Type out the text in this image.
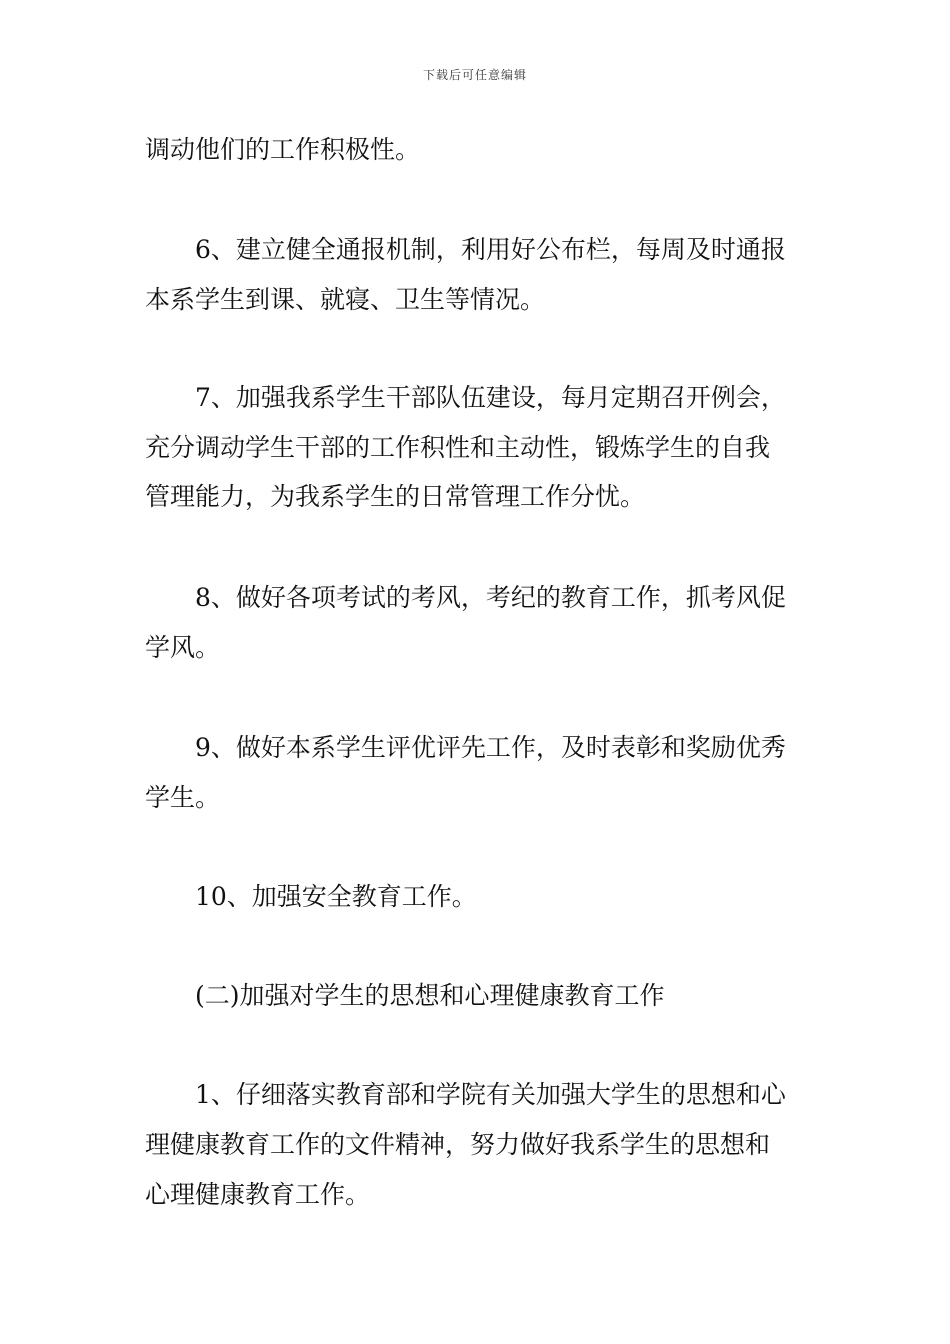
下载后可任意编辑
调动他们的工作积极性。
6、建立健全通报机制，利用好公布栏，每周及时通报
本系学生到课、就寝、卫生等情况。
7、加强我系学生干部队伍建设，每月定期召开例会，
充分调动学生干部的工作积性和主动性，锻炼学生的自我
管理能力，为我系学生的日常管理工作分忧。
8、做好各项考试的考风，考纪的教育工作，抓考风促
学风。
9、做好本系学生评优评先工作，及时表彰和奖励优秀
学生。
10、加强安全教育工作。
(二)加强对学生的思想和心理健康教育工作
1、仔细落实教育部和学院有关加强大学生的思想和心
理健康教育工作的文件精神，努力做好我系学生的思想和
心理健康教育工作。
